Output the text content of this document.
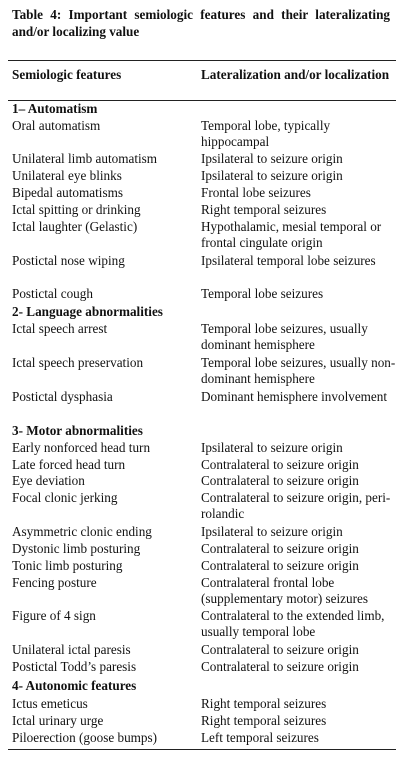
Table 4: Important semiologic features and their lateralizating and/or localizing value

Semiologic features	Lateralization and/or localization
1– Automatism
Oral automatism	Temporal lobe, typically hippocampal
Unilateral limb automatism	Ipsilateral to seizure origin
Unilateral eye blinks	Ipsilateral to seizure origin
Bipedal automatisms	Frontal lobe seizures
Ictal spitting or drinking	Right temporal seizures
Ictal laughter (Gelastic)	Hypothalamic, mesial temporal or frontal cingulate origin
Postictal nose wiping	Ipsilateral temporal lobe seizures
Postictal cough	Temporal lobe seizures
2- Language abnormalities
Ictal speech arrest	Temporal lobe seizures, usually dominant hemisphere
Ictal speech preservation	Temporal lobe seizures, usually non-dominant hemisphere
Postictal dysphasia	Dominant hemisphere involvement
3- Motor abnormalities
Early nonforced head turn	Ipsilateral to seizure origin
Late forced head turn	Contralateral to seizure origin
Eye deviation	Contralateral to seizure origin
Focal clonic jerking	Contralateral to seizure origin, peri-rolandic
Asymmetric clonic ending	Ipsilateral to seizure origin
Dystonic limb posturing	Contralateral to seizure origin
Tonic limb posturing	Contralateral to seizure origin
Fencing posture	Contralateral frontal lobe (supplementary motor) seizures
Figure of 4 sign	Contralateral to the extended limb, usually temporal lobe
Unilateral ictal paresis	Contralateral to seizure origin
Postictal Todd’s paresis	Contralateral to seizure origin
4- Autonomic features
Ictus emeticus	Right temporal seizures
Ictal urinary urge	Right temporal seizures
Piloerection (goose bumps)	Left temporal seizures
